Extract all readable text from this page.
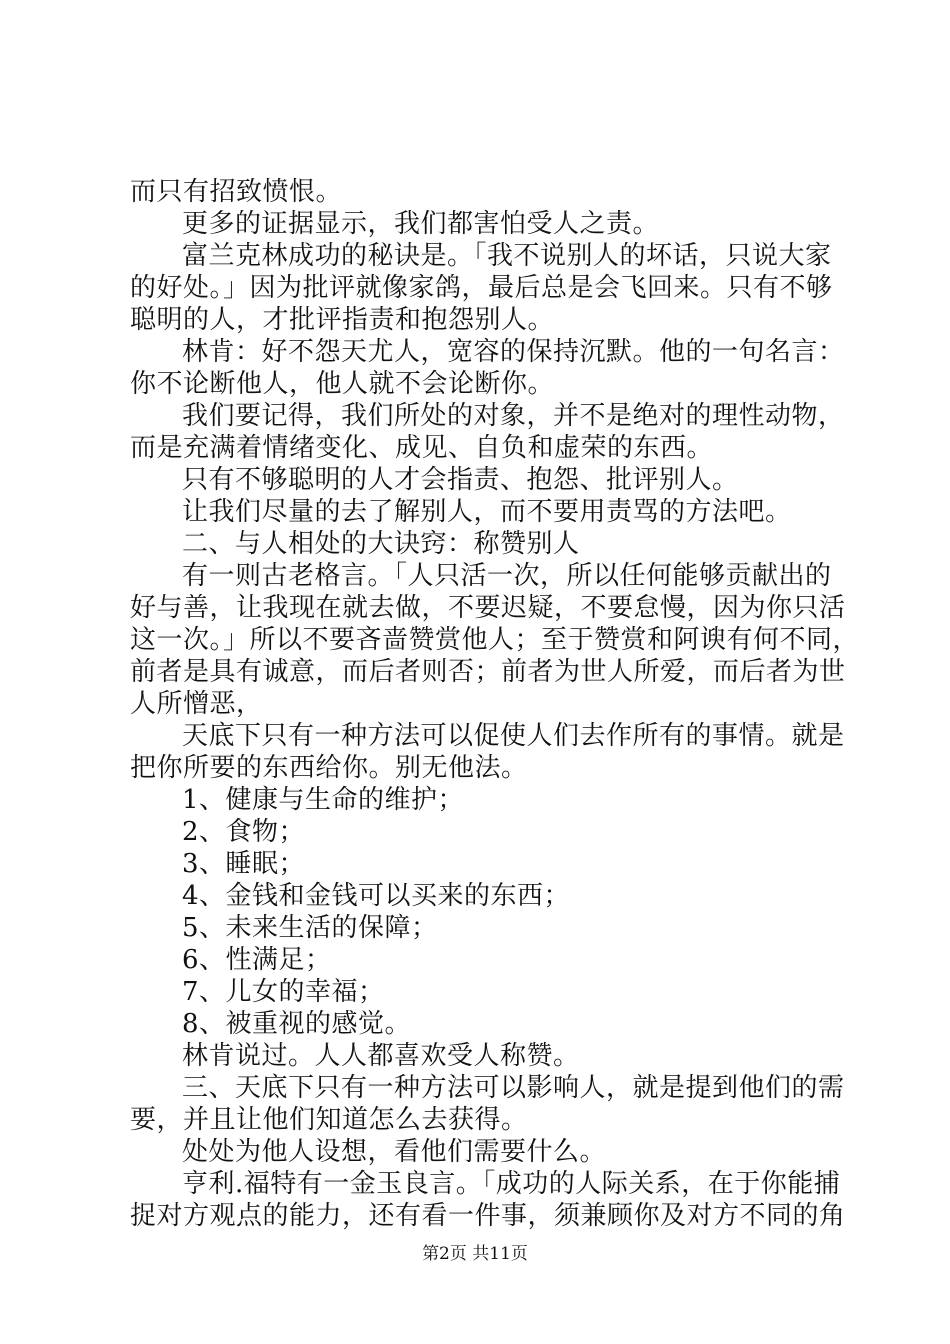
而只有招致愤恨。
更多的证据显示，我们都害怕受人之责。
富兰克林成功的秘诀是。「我不说别人的坏话，只说大家
的好处。」因为批评就像家鸽，最后总是会飞回来。只有不够
聪明的人，才批评指责和抱怨别人。
林肯：好不怨天尤人，宽容的保持沉默。他的一句名言：
你不论断他人，他人就不会论断你。
我们要记得，我们所处的对象，并不是绝对的理性动物，
而是充满着情绪变化、成见、自负和虚荣的东西。
只有不够聪明的人才会指责、抱怨、批评别人。
让我们尽量的去了解别人，而不要用责骂的方法吧。
二、与人相处的大诀窍：称赞别人
有一则古老格言。「人只活一次，所以任何能够贡献出的
好与善，让我现在就去做，不要迟疑，不要怠慢，因为你只活
这一次。」所以不要吝啬赞赏他人；至于赞赏和阿谀有何不同，
前者是具有诚意，而后者则否；前者为世人所爱，而后者为世
人所憎恶，
天底下只有一种方法可以促使人们去作所有的事情。就是
把你所要的东西给你。别无他法。
1、健康与生命的维护；
2、食物；
3、睡眠；
4、金钱和金钱可以买来的东西；
5、未来生活的保障；
6、性满足；
7、儿女的幸福；
8、被重视的感觉。
林肯说过。人人都喜欢受人称赞。
三、天底下只有一种方法可以影响人，就是提到他们的需
要，并且让他们知道怎么去获得。
处处为他人设想，看他们需要什么。
亨利.福特有一金玉良言。「成功的人际关系，在于你能捕
捉对方观点的能力，还有看一件事，须兼顾你及对方不同的角
第2页 共11页
